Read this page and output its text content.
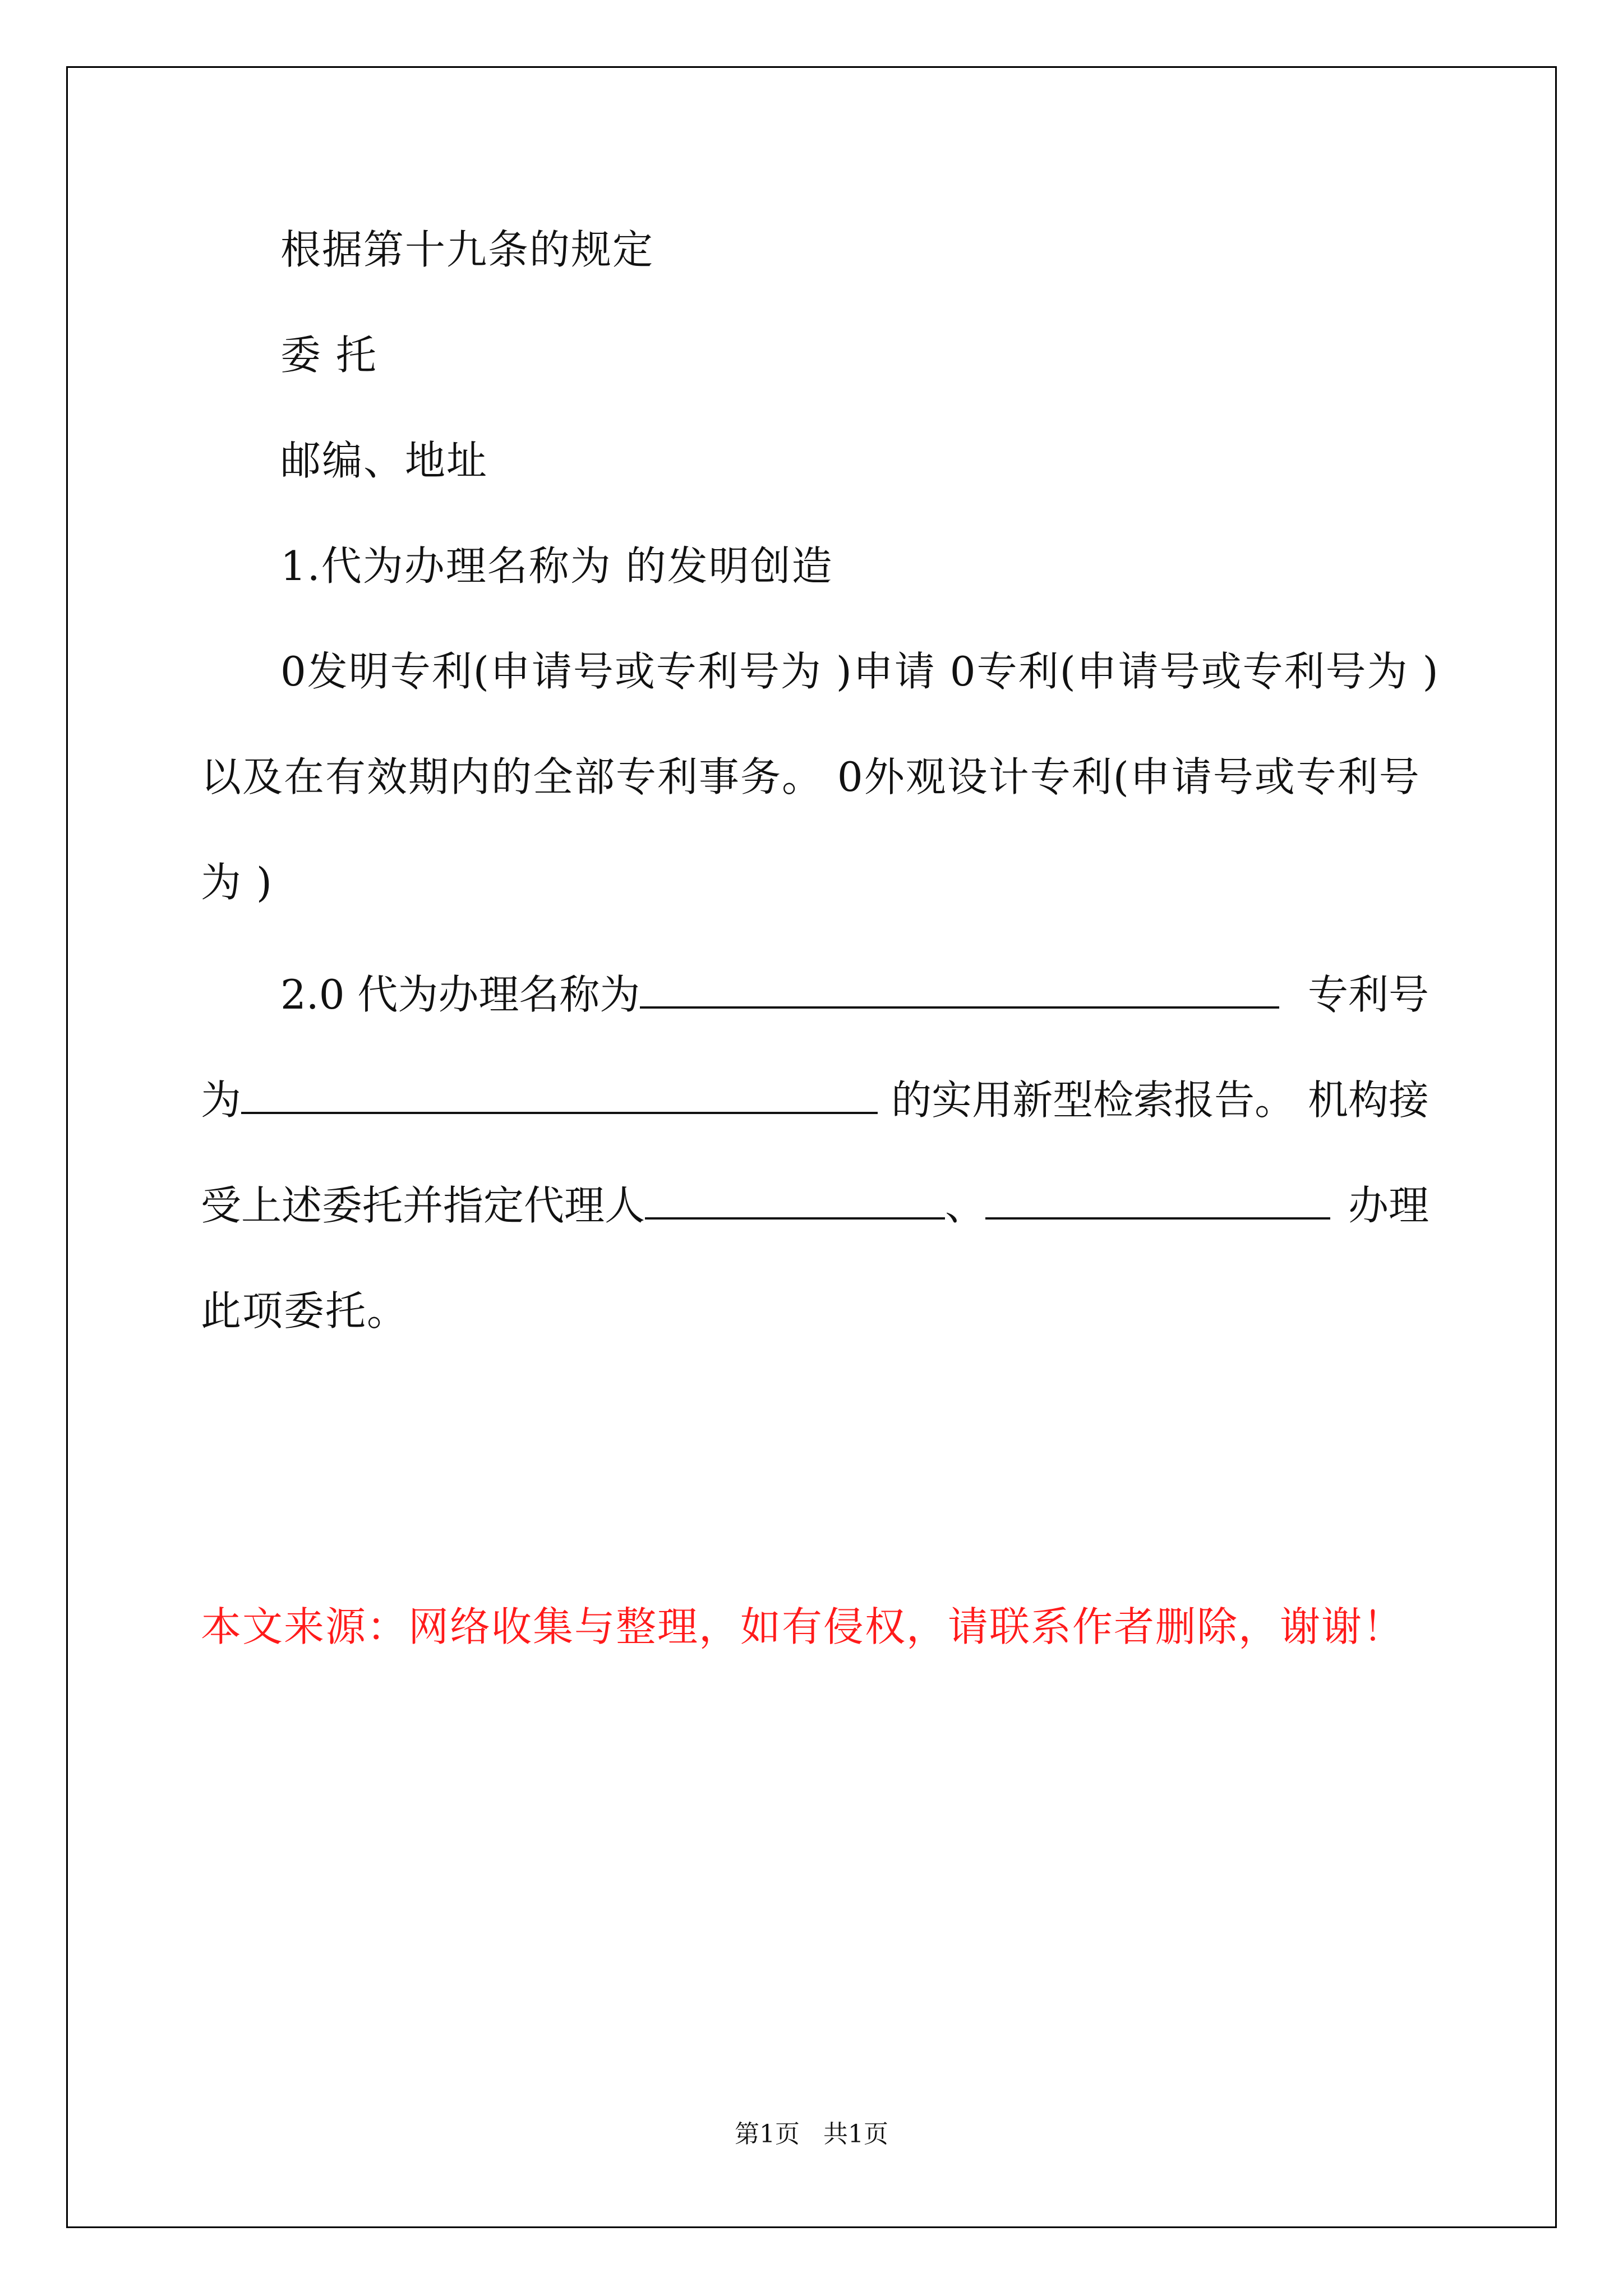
根据第十九条的规定
委 托
邮编、地址
1.代为办理名称为 的发明创造
0发明专利(申请号或专利号为 )申请 0专利(申请号或专利号为 )
以及在有效期内的全部专利事务。 0外观设计专利(申请号或专利号
为 )
2.0 代为办理名称为	专利号
为	的实用新型检索报告。 机构接
受上述委托并指定代理人	、	办理
此项委托。
本文来源：网络收集与整理，如有侵权，请联系作者删除，谢谢！
第1页   共1页
